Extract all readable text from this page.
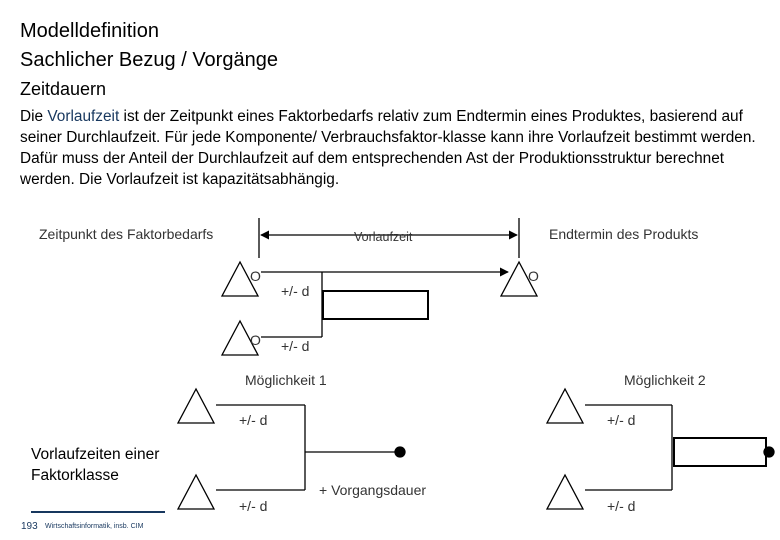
Modelldefinition
Sachlicher Bezug / Vorgänge
Zeitdauern
Die Vorlaufzeit ist der Zeitpunkt eines Faktorbedarfs relativ zum Endtermin eines Produktes, basierend auf seiner Durchlaufzeit. Für jede Komponente/ Verbrauchsfaktor-klasse kann ihre Vorlaufzeit bestimmt werden. Dafür muss der Anteil der Durchlaufzeit auf dem entsprechenden Ast der Produktionsstruktur berechnet werden. Die Vorlaufzeit ist kapazitätsabhängig.
Zeitpunkt des Faktorbedarfs	Vorlaufzeit	Endtermin des Produkts
O	O
O
+/- d
+/- d
Möglichkeit 1	Möglichkeit 2
+/- d
+/- d
+ Vorgangsdauer
+/- d
+/- d
Vorlaufzeiten einer Faktorklasse
193 Wirtschaftsinformatik, insb. CIM
